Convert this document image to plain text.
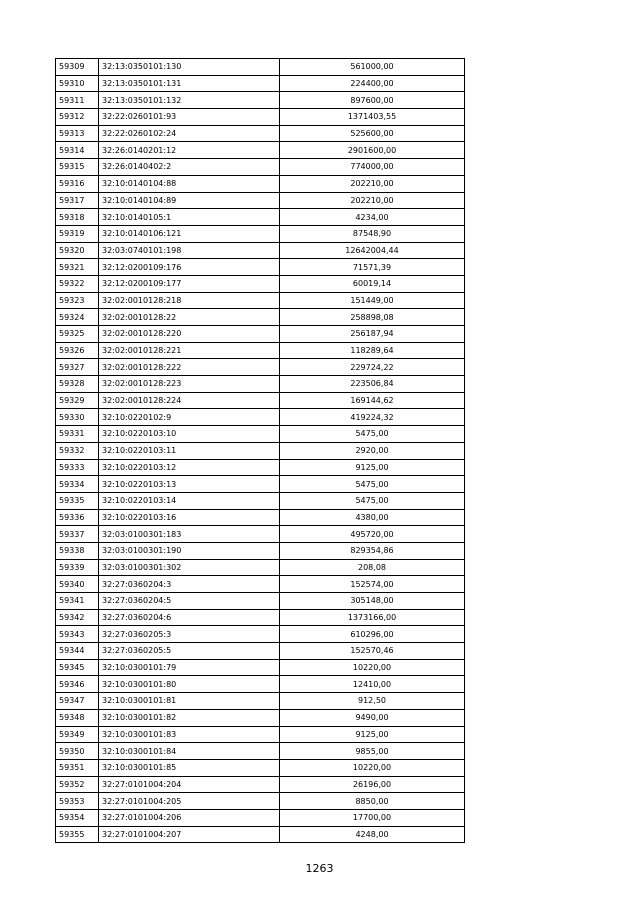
59309	32:13:0350101:130	561000,00
59310	32:13:0350101:131	224400,00
59311	32:13:0350101:132	897600,00
59312	32:22:0260101:93	1371403,55
59313	32:22:0260102:24	525600,00
59314	32:26:0140201:12	2901600,00
59315	32:26:0140402:2	774000,00
59316	32:10:0140104:88	202210,00
59317	32:10:0140104:89	202210,00
59318	32:10:0140105:1	4234,00
59319	32:10:0140106:121	87548,90
59320	32:03:0740101:198	12642004,44
59321	32:12:0200109:176	71571,39
59322	32:12:0200109:177	60019,14
59323	32:02:0010128:218	151449,00
59324	32:02:0010128:22	258898,08
59325	32:02:0010128:220	256187,94
59326	32:02:0010128:221	118289,64
59327	32:02:0010128:222	229724,22
59328	32:02:0010128:223	223506,84
59329	32:02:0010128:224	169144,62
59330	32:10:0220102:9	419224,32
59331	32:10:0220103:10	5475,00
59332	32:10:0220103:11	2920,00
59333	32:10:0220103:12	9125,00
59334	32:10:0220103:13	5475,00
59335	32:10:0220103:14	5475,00
59336	32:10:0220103:16	4380,00
59337	32:03:0100301:183	495720,00
59338	32:03:0100301:190	829354,86
59339	32:03:0100301:302	208,08
59340	32:27:0360204:3	152574,00
59341	32:27:0360204:5	305148,00
59342	32:27:0360204:6	1373166,00
59343	32:27:0360205:3	610296,00
59344	32:27:0360205:5	152570,46
59345	32:10:0300101:79	10220,00
59346	32:10:0300101:80	12410,00
59347	32:10:0300101:81	912,50
59348	32:10:0300101:82	9490,00
59349	32:10:0300101:83	9125,00
59350	32:10:0300101:84	9855,00
59351	32:10:0300101:85	10220,00
59352	32:27:0101004:204	26196,00
59353	32:27:0101004:205	8850,00
59354	32:27:0101004:206	17700,00
59355	32:27:0101004:207	4248,00
1263
